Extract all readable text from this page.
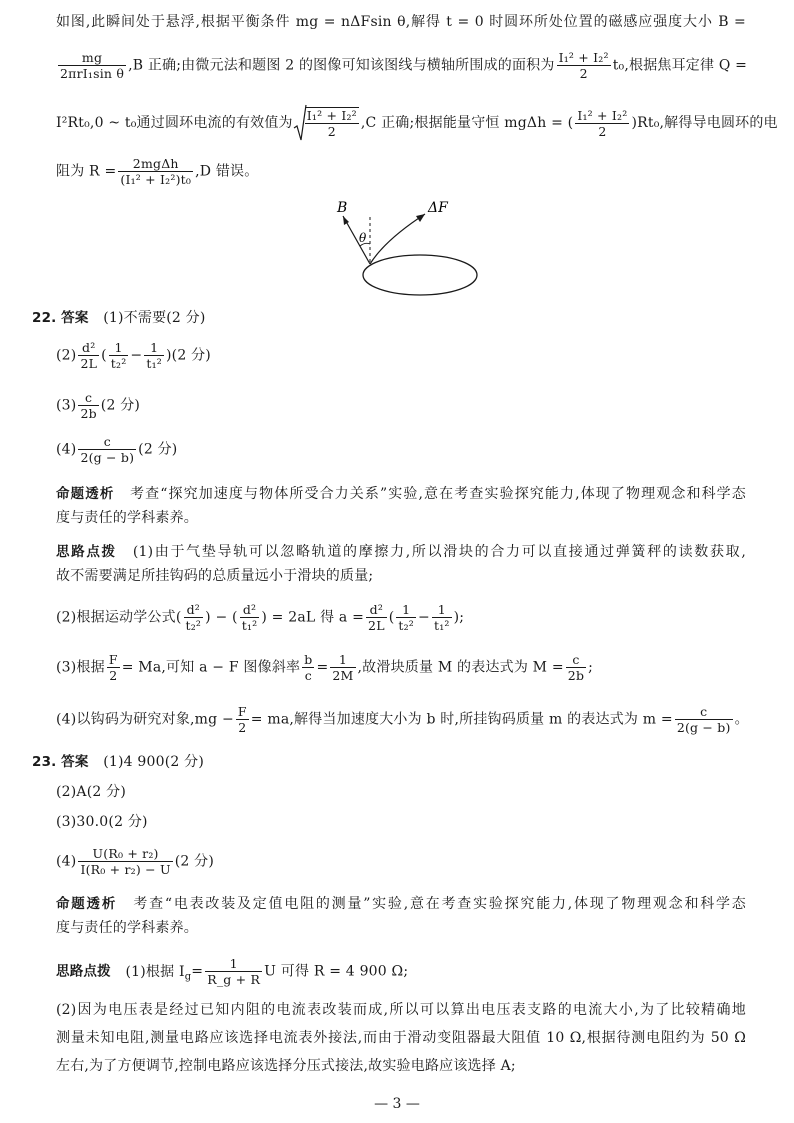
如图,此瞬间处于悬浮,根据平衡条件 mg = nΔFsin θ,解得 t = 0 时圆环所处位置的磁感应强度大小 B =
$\frac{mg}{\text{2πrI₁sin θ}} ,B$ 正确;由微元法和题图 2 的图像可知该图线与横轴所围成的面积为 $\frac{\text{I₁² + I₂²}}{2} t_0$,根据焦耳定律 Q =
I²Rt₀,0 ~ t₀通过圆环电流的有效值为 $\frac{\text{I₁² + I₂²}}{2} ,C$ 正确;根据能量守恒 mgΔh = ( $\frac{\text{I₁² + I₂²}}{2} )Rt_0$,解得导电圆环的电
阻为 $R = \frac{\text{2mgΔh}}{\text{(I₁² + I₂²)t₀}} ,D$ 错误。
B	ΔF
θ
22. 答案 (1)不需要(2 分)
$(2) \frac{\text{d²}}{2L}$ ( $\frac{1}{\text{t₂²}} - \frac{1}{\text{t₁²}} )(2$ 分)
$(3) \frac{c}{2b} (2$ 分)
$(4) \frac{c}{2(g - b)} (2$ 分)
命题透析 考查“探究加速度与物体所受合力关系”实验,意在考查实验探究能力,体现了物理观念和科学态
度与责任的学科素养。
思路点拨 (1)由于气垫导轨可以忽略轨道的摩擦力,所以滑块的合力可以直接通过弹簧秤的读数获取,
故不需要满足所挂钩码的总质量远小于滑块的质量;
(2)根据运动学公式( $\frac{\text{d²}}{\text{t₂²}}$ ) − ( $\frac{\text{d²}}{\text{t₁²}}$ ) = 2aL 得 $a = \frac{\text{d²}}{2L}$ ( $\frac{1}{\text{t₂²}} - \frac{1}{\text{t₁²}}$ );
(3)根据 $\frac{F}{2} = Ma$,可知 a − F 图像斜率 $\frac{b}{c} = \frac{1}{2M}$ ,故滑块质量 M 的表达式为 $M = \frac{c}{2b}$ ;
(4)以钩码为研究对象$,mg - \frac{F}{2}$ = ma,解得当加速度大小为 b 时,所挂钩码质量 m 的表达式为 $m = \frac{c}{2(g - b)}$ 。
23. 答案 (1)4 900(2 分)
(2)A(2 分)
(3)30.0(2 分)
$(4) \frac{\text{U(R₀ + r₂)}}{\text{I(R₀ + r₂) − U}} (2$ 分)
命题透析 考查“电表改装及定值电阻的测量”实验,意在考查实验探究能力,体现了物理观念和科学态
度与责任的学科素养。
思路点拨 (1)根据 $I_g= \frac{1}{R\_g + R}$ U 可得 R = 4 900 Ω;
(2)因为电压表是经过已知内阻的电流表改装而成,所以可以算出电压表支路的电流大小,为了比较精确地
测量未知电阻,测量电路应该选择电流表外接法,而由于滑动变阻器最大阻值 10 Ω,根据待测电阻约为 50 Ω
左右,为了方便调节,控制电路应该选择分压式接法,故实验电路应该选择 A;
— 3 —
